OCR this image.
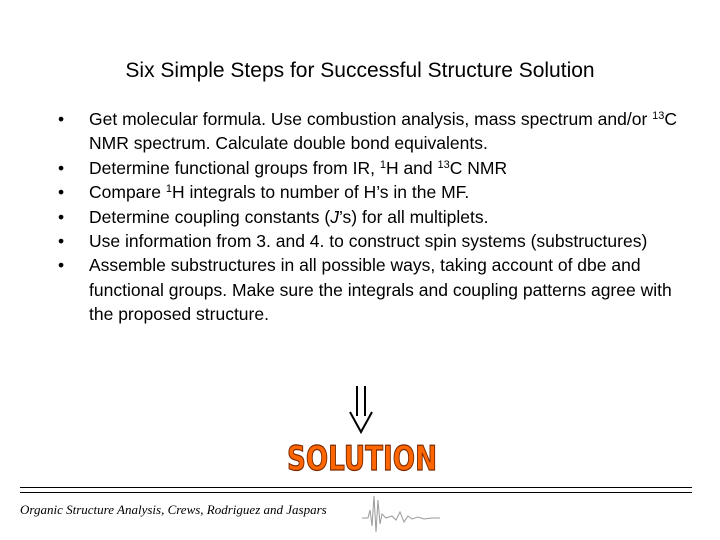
Six Simple Steps for Successful Structure Solution
• Get molecular formula. Use combustion analysis, mass spectrum and/or $^{13}$C NMR spectrum. Calculate double bond equivalents.
• Determine functional groups from IR, $^1$H and $^{13}$C NMR
• Compare $^1$H integrals to number of H’s in the MF.
• Determine coupling constants (J’s) for all multiplets.
• Use information from 3. and 4. to construct spin systems (substructures)
• Assemble substructures in all possible ways, taking account of dbe and functional groups. Make sure the integrals and coupling patterns agree with the proposed structure.
SOLUTION
Organic Structure Analysis, Crews, Rodriguez and Jaspars
